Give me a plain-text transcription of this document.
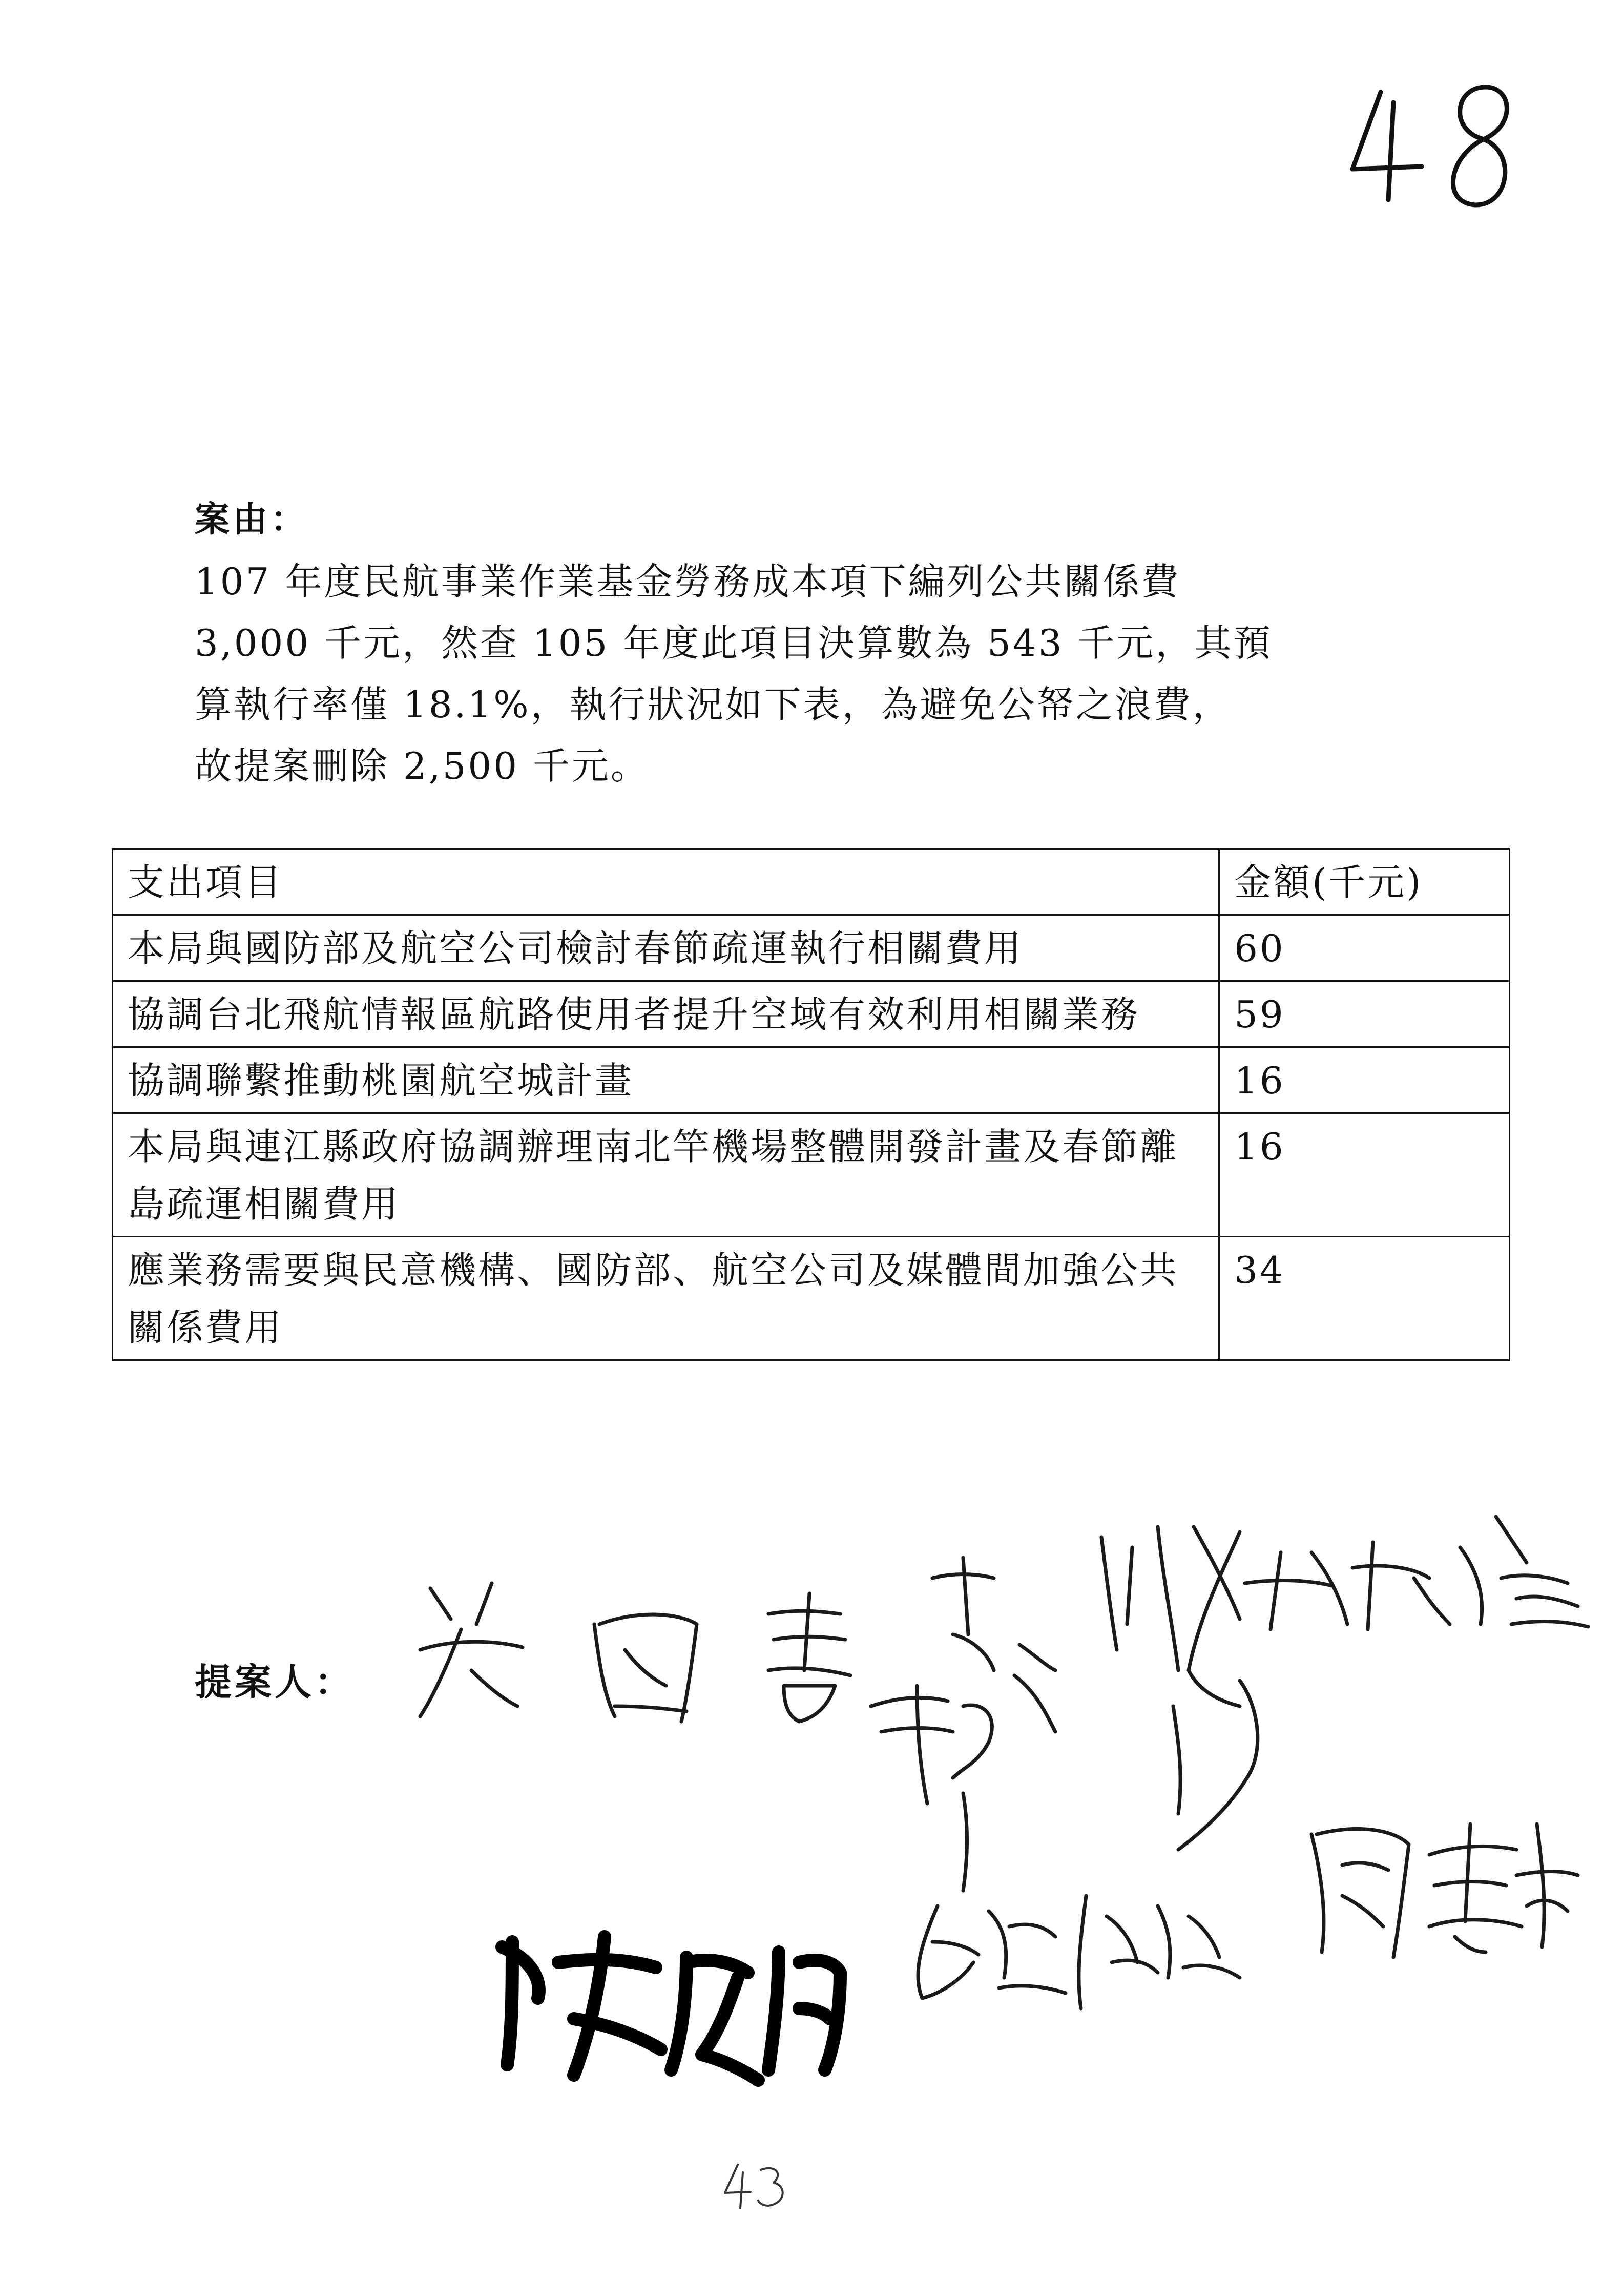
案由：
107 年度民航事業作業基金勞務成本項下編列公共關係費
3,000 千元，然查 105 年度此項目決算數為 543 千元，其預
算執行率僅 18.1%，執行狀況如下表，為避免公帑之浪費，
故提案刪除 2,500 千元。
支出項目	金額(千元)
本局與國防部及航空公司檢討春節疏運執行相關費用	60
協調台北飛航情報區航路使用者提升空域有效利用相關業務	59
協調聯繫推動桃園航空城計畫	16
本局與連江縣政府協調辦理南北竿機場整體開發計畫及春節離島疏運相關費用	16
應業務需要與民意機構、國防部、航空公司及媒體間加強公共關係費用	34
提案人：
